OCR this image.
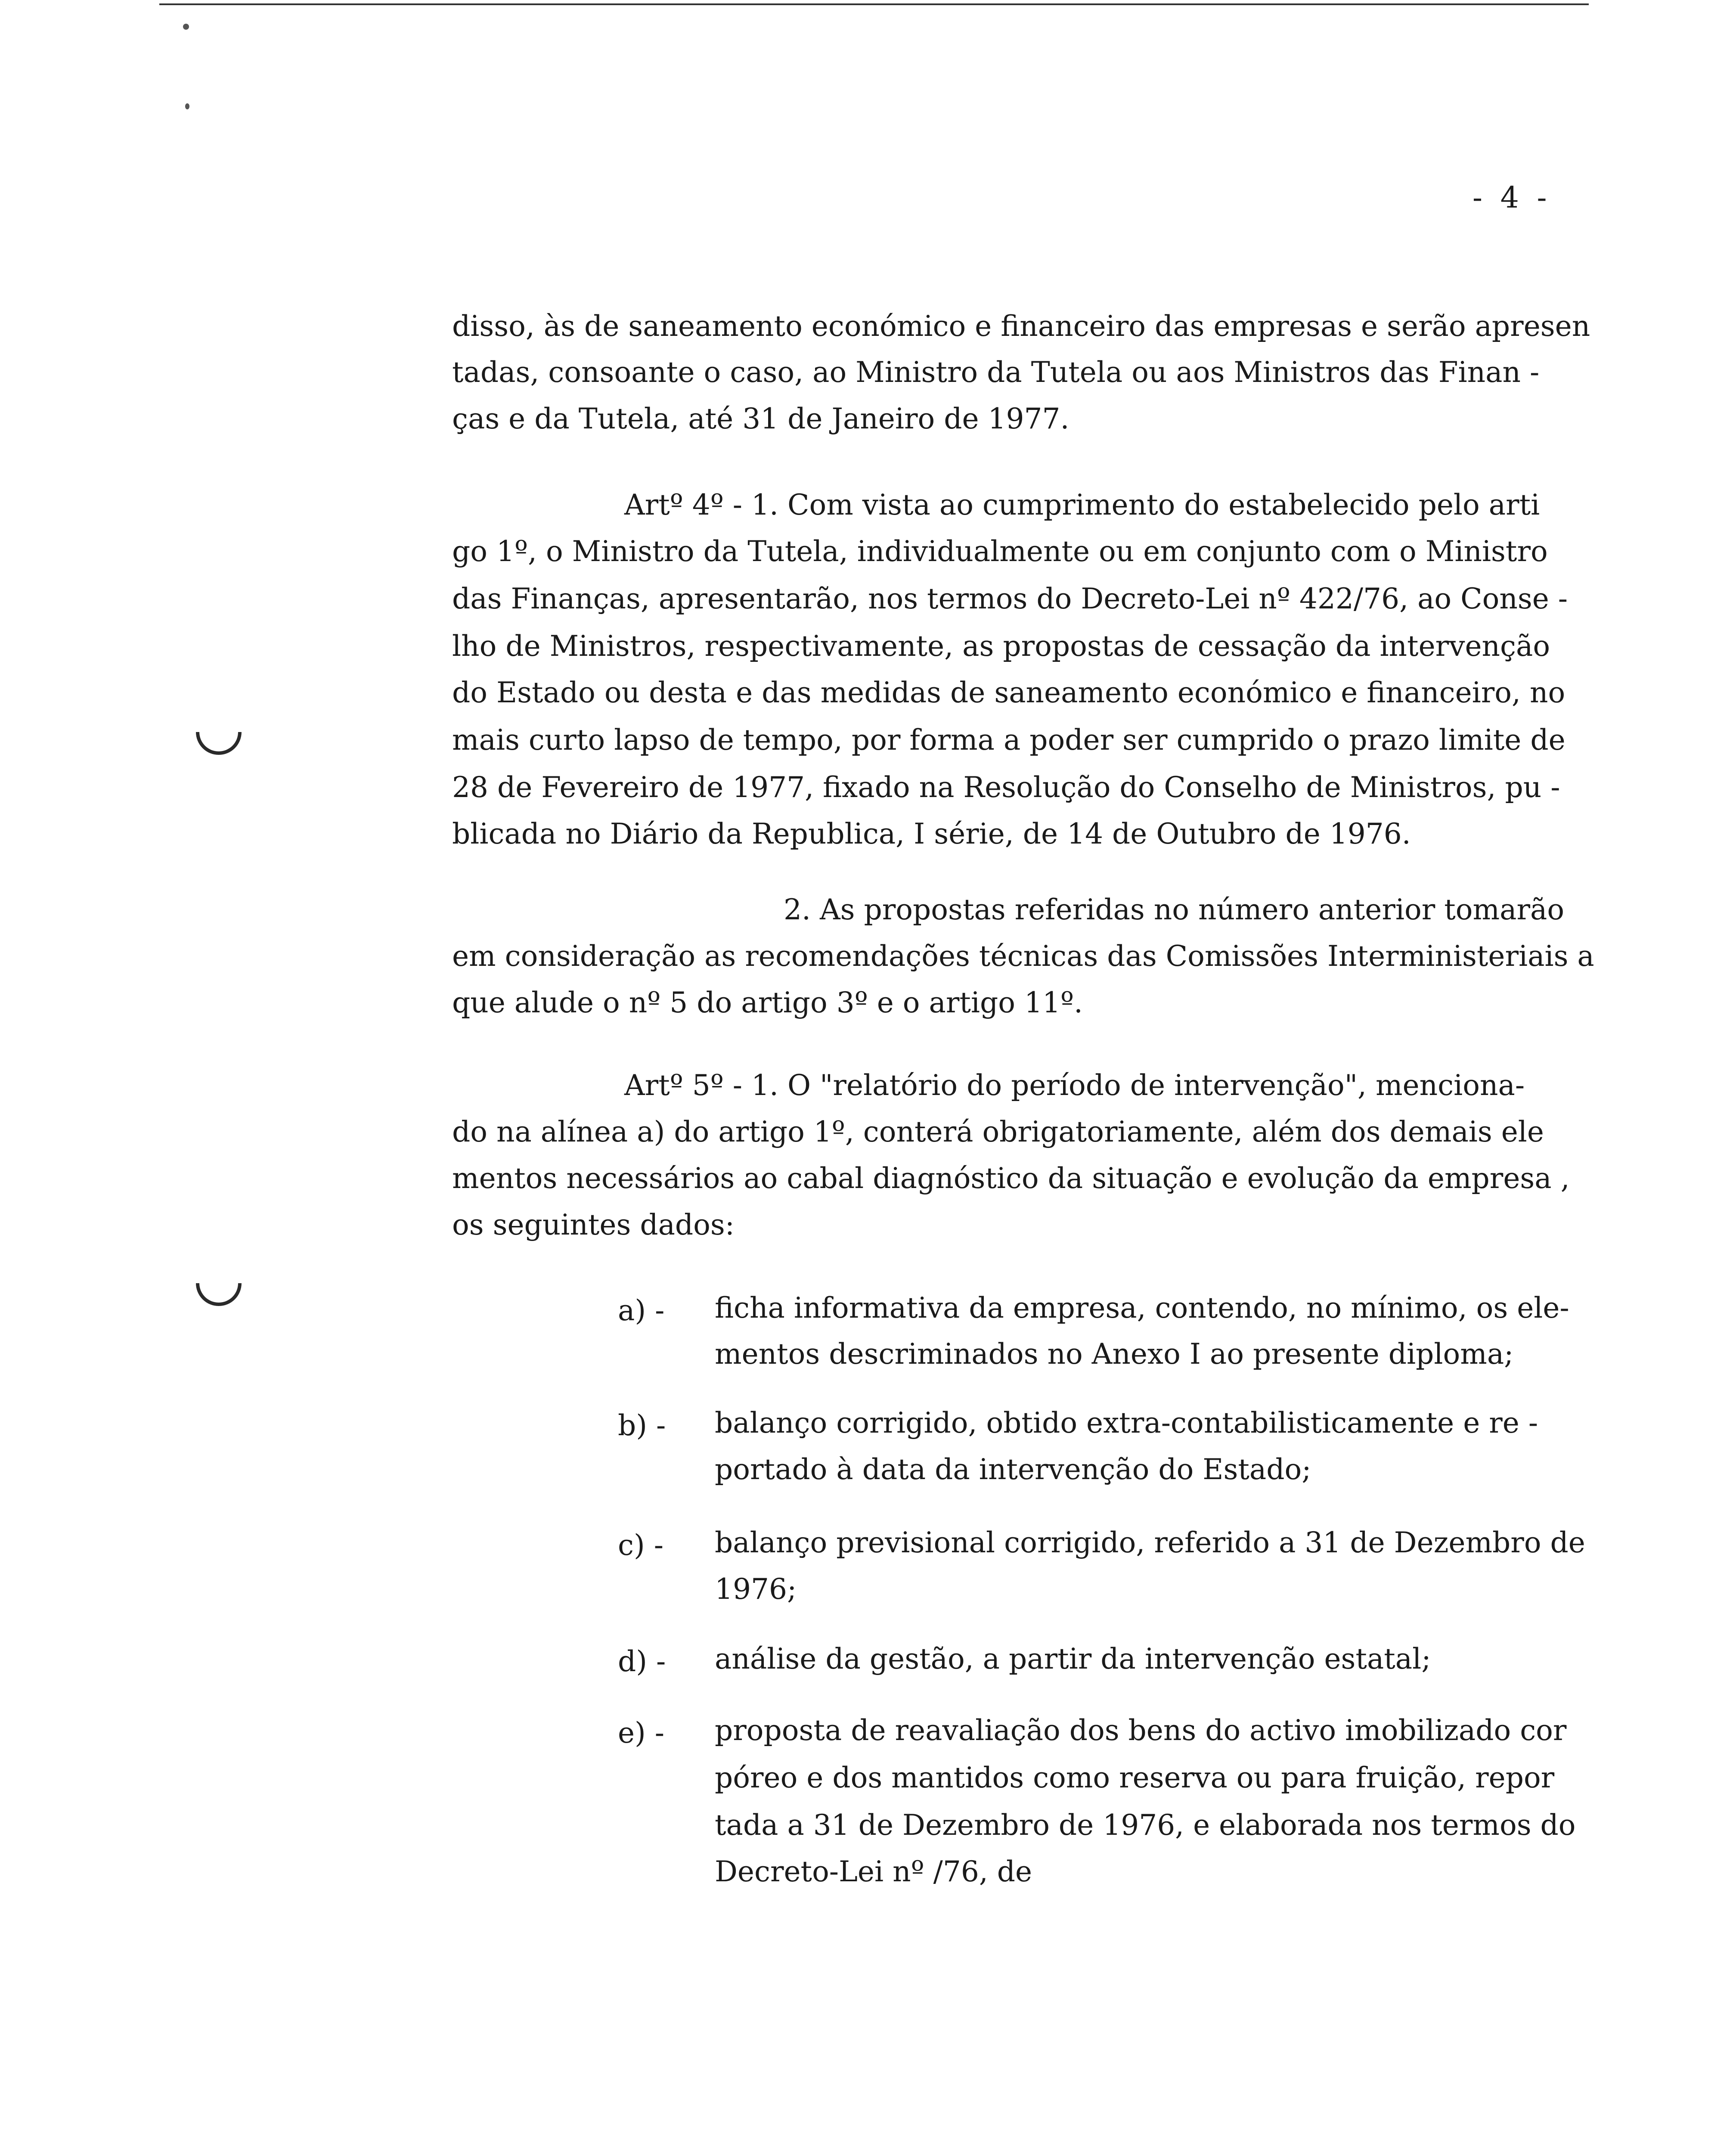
- 4 -
disso, às de saneamento económico e financeiro das empresas e serão apresen
tadas, consoante o caso, ao Ministro da Tutela ou aos Ministros das Finan -
ças e da Tutela, até 31 de Janeiro de 1977.
Artº 4º - 1. Com vista ao cumprimento do estabelecido pelo arti
go 1º, o Ministro da Tutela, individualmente ou em conjunto com o Ministro
das Finanças, apresentarão, nos termos do Decreto-Lei nº 422/76, ao Conse -
lho de Ministros, respectivamente, as propostas de cessação da intervenção
do Estado ou desta e das medidas de saneamento económico e financeiro, no
mais curto lapso de tempo, por forma a poder ser cumprido o prazo limite de
28 de Fevereiro de 1977, fixado na Resolução do Conselho de Ministros, pu -
blicada no Diário da Republica, I série, de 14 de Outubro de 1976.
2. As propostas referidas no número anterior tomarão
em consideração as recomendações técnicas das Comissões Interministeriais a
que alude o nº 5 do artigo 3º e o artigo 11º.
Artº 5º - 1. O "relatório do período de intervenção", menciona-
do na alínea a) do artigo 1º, conterá obrigatoriamente, além dos demais ele
mentos necessários ao cabal diagnóstico da situação e evolução da empresa ,
os seguintes dados:
a) - ficha informativa da empresa, contendo, no mínimo, os ele-
mentos descriminados no Anexo I ao presente diploma;
b) - balanço corrigido, obtido extra-contabilisticamente e re -
portado à data da intervenção do Estado;
c) - balanço previsional corrigido, referido a 31 de Dezembro de
1976;
d) - análise da gestão, a partir da intervenção estatal;
e) - proposta de reavaliação dos bens do activo imobilizado cor
póreo e dos mantidos como reserva ou para fruição, repor
tada a 31 de Dezembro de 1976, e elaborada nos termos do
Decreto-Lei nº /76, de
